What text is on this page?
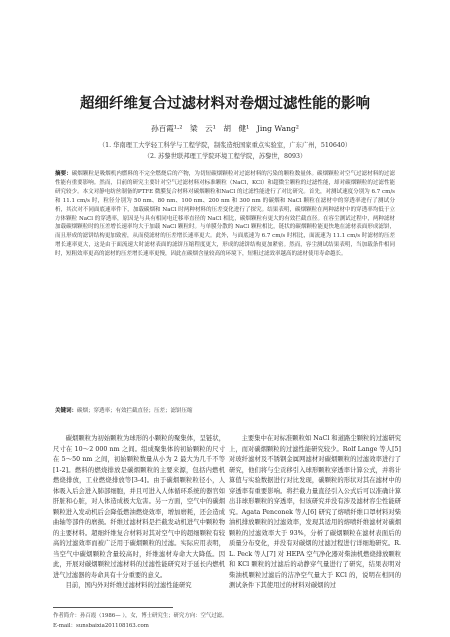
超细纤维复合过滤材料对卷烟过滤性能的影响
孙百霞¹·²　梁　云¹　胡　健¹　Jing Wang²
（1. 华南理工大学轻工科学与工程学院，制浆造纸国家重点实验室，广东广州，510640）
（2. 苏黎世联邦理工学院环境工程学院，苏黎世，8093）
摘要：碳烟颗粒是吸烟机内燃料的不完全燃烧后的产物，为切短碳烟颗粒对过滤材料的污染的颗粒数量体。碳烟颗粒对空气过滤材料的过滤性能有重要影响。然而，目前的研究主要针对空气过滤材料对标准颗粒（NaCl，KCl）和超微尘颗粒的过滤性能，却对碳烟颗粒的过滤性能研究较少。本文对静电纺丝制备的PTFE 微膜复合材料对碳烟颗粒和NaCl 的过滤性能进行了对比研究。首先，对测试速度分别为 6.7 cm/s 和 11.1 cm/s 时，粒径分别为 50 nm、80 nm、100 nm、200 nm 和 300 nm 的碳烟和 NaCl 颗粒在滤材中的穿透率进行了测试分析，其次对不同面底速率件下，加载碳烟和 NaCl 时两种材料的压差变化进行了探究。结果表明，碳烟颗粒在两种滤材中的穿透率均低于立方体颗粒 NaCl 的穿透率，原因是与具有相同电迁移率直径的 NaCl 相比，碳烟颗粒有更大的有效拦截直径。在容尘测试过程中，两种滤材加载碳烟颗粒时的压差增长速率均大于加载 NaCl 颗粒时。与单膜分散的 NaCl 颗粒相比，链状的碳烟颗粒能更快地在滤材表面形成滤饼，而且形成的滤饼结构更加致密，从而使滤材的压差增长速率更大。此外，与面底速为 6.7 cm/s 时相比，面流速为 11.1 cm/s 时滤材的压差增长速率更大，这是由于面流速大时滤材表面的滤饼压缩程度更大，形成的滤饼结构更加紧密。然而，容尘测试结果表明，当加载条件相同时，短粗效率更高的滤材的压差增长速率更慢，因此在碳烟含量较高的环境下，短粗过滤效率越高的滤材使用寿命越长。
关键词：碳烟；穿透率；有效拦截直径；压差；滤饼压缩

碳烟颗粒为初始颗粒为球形的小颗粒的聚集体，呈链状，尺寸在 10～2 000 nm 之间。组成聚集体的初始颗粒的尺寸在 5～50 nm 之间，初始颗粒数量从小为 2 最大为几千不等[1-2]。燃料的燃烧排放是碳烟颗粒的主要来源，包括内燃机燃烧排放，工业燃烧排放等[3-4]。由于碳烟颗粒粒径小，人体吸入后会进入肺部细胞，并且可进入人体循环系统的器官如肝脏和心脏，对人体造成极大危害。另一方面，空气中的碳烟颗粒进入发动机后会降低燃油燃烧效率，增加磨耗，还会造成曲轴等部件的磨损。纤维过滤材料是拦截发动机进气中颗粒物的主要材料。超细纤维复合材料对其对空气中的超细颗粒有较高的过滤效率而被广泛用于碳烟颗粒的过滤。实际应用表明，当空气中碳烟颗粒含量较高时，纤维滤材寿命大大降低。因此，开展对碳烟颗粒过滤材料的过滤性能研究对于延长内燃机进气过滤器的寿命具有十分重要的意义。

目前，国内外对纤维过滤材料的过滤性能研究

主要集中在对标准颗粒如 NaCl 和道路尘颗粒的过滤研究上，而对碳烟颗粒的过滤性能研究较少。Rolf Lange 等人[5] 对玻纤滤材及不锈钢金属网滤材对碳烟颗粒的过滤效率进行了研究，他们将与尘贡移引入球形颗粒穿透率计算公式，并将计算值与实验数据进行对比发现，碳颗粒的形状对其在滤材中的穿透率有重要影响。将拦截力量直径引入公式后可以准确计算出非球形颗粒的穿透率，但该研究并没有涉及滤材容尘性能研究。Agata Penconek 等人[6] 研究了熔喷纤维口罩材料对柴油机排放颗粒的过滤效率，发现其适用的熔喷纤维滤材对碳烟颗粒的过滤效率大于 93%，分析了碳烟颗粒在滤材表面后的质量分布变化，并没有对碳烟的过滤过程进行详细地研究。R. L. Peck 等人[7] 对 HEPA 空气净化器对柴油机燃烧排放颗粒和 KCl 颗粒的过滤后的动静穿气量进行了研究，结果表明对柴油机颗粒过滤后的洁净空气量大于 KCl 的，说明在相同的测试条件下其使用过的材料对碳烟的过

作者简介：孙百霞（1986— ），女，博士研究生；研究方向：空气过滤。
E-mail：sunsbaixia201108163.com
